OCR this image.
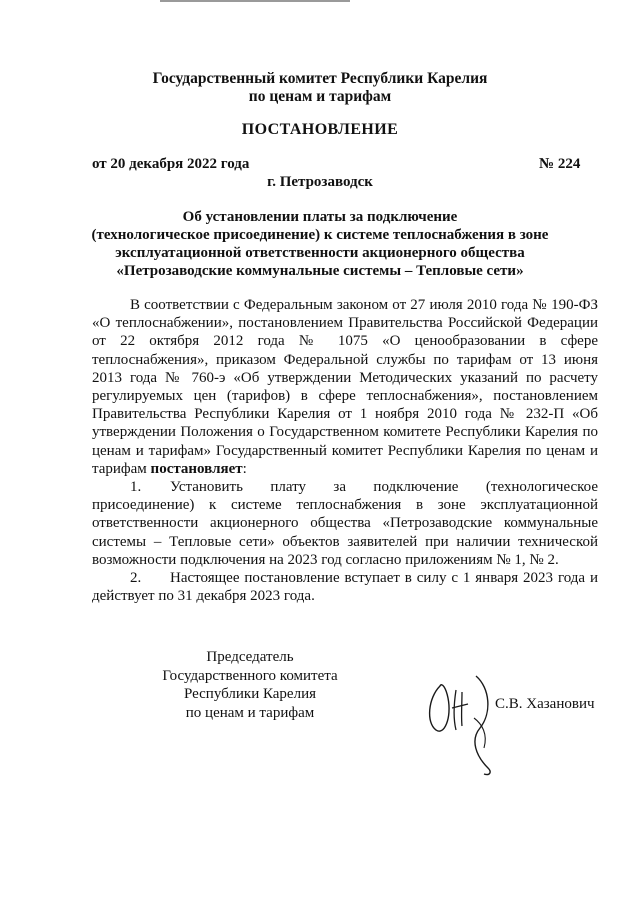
Государственный комитет Республики Карелия
по ценам и тарифам
ПОСТАНОВЛЕНИЕ
от 20 декабря 2022 года	№ 224
г. Петрозаводск
Об установлении платы за подключение
(технологическое присоединение) к системе теплоснабжения в зоне
эксплуатационной ответственности акционерного общества
«Петрозаводские коммунальные системы – Тепловые сети»

В соответствии с Федеральным законом от 27 июля 2010 года № 190-ФЗ «О теплоснабжении», постановлением Правительства Российской Федерации от 22 октября 2012 года № 1075 «О ценообразовании в сфере теплоснабжения», приказом Федеральной службы по тарифам от 13 июня 2013 года № 760-э «Об утверждении Методических указаний по расчету регулируемых цен (тарифов) в сфере теплоснабжения», постановлением Правительства Республики Карелия от 1 ноября 2010 года № 232-П «Об утверждении Положения о Государственном комитете Республики Карелия по ценам и тарифам» Государственный комитет Республики Карелия по ценам и тарифам постановляет:

1. Установить плату за подключение (технологическое присоединение) к системе теплоснабжения в зоне эксплуатационной ответственности акционерного общества «Петрозаводские коммунальные системы – Тепловые сети» объектов заявителей при наличии технической возможности подключения на 2023 год согласно приложениям № 1, № 2.

2. Настоящее постановление вступает в силу с 1 января 2023 года и действует по 31 декабря 2023 года.

Председатель
Государственного комитета
Республики Карелия
по ценам и тарифам
С.В. Хазанович
